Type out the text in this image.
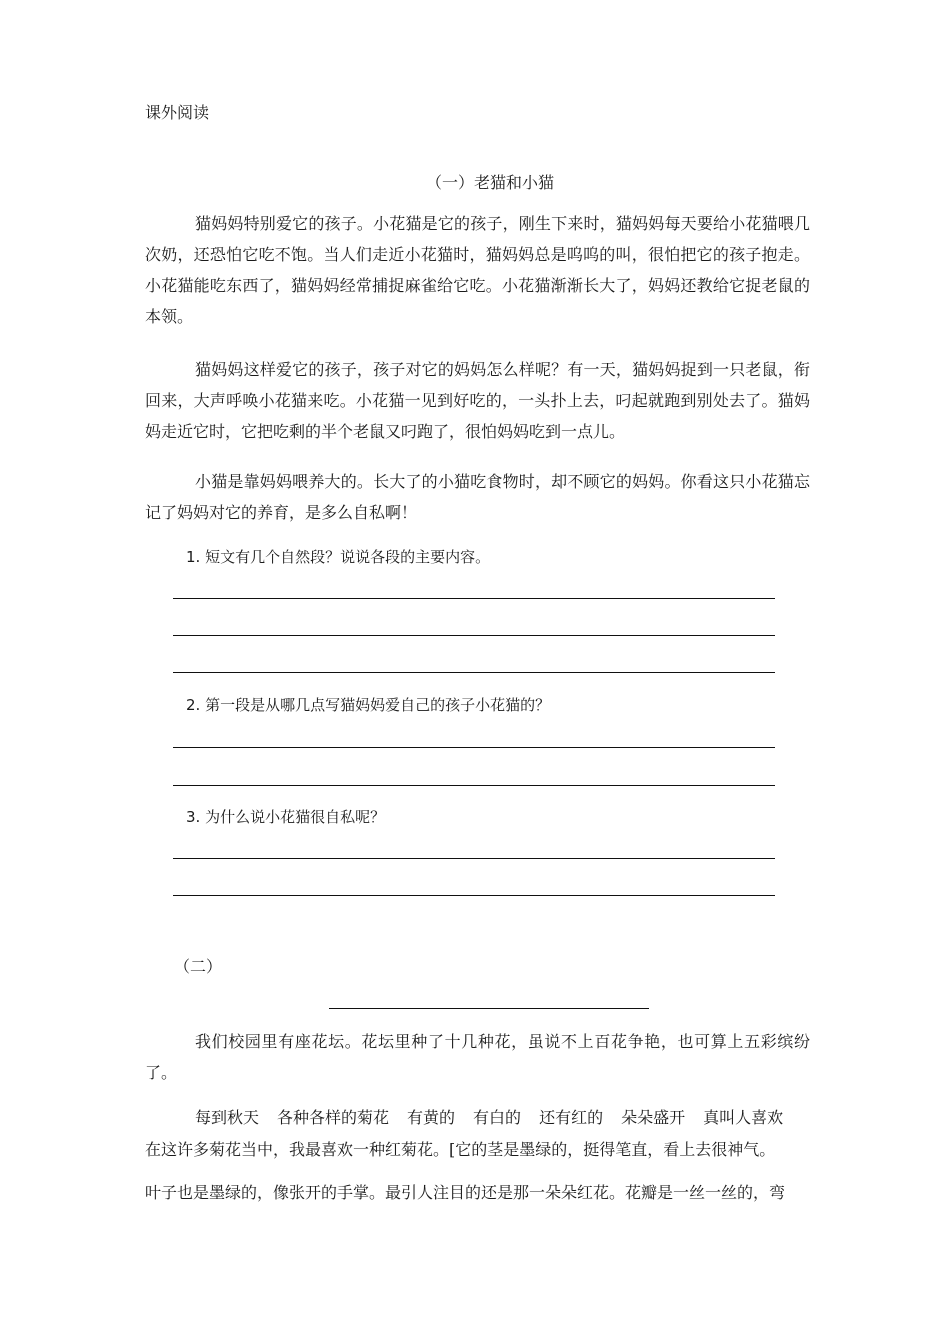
课外阅读

（一）老猫和小猫

猫妈妈特别爱它的孩子。小花猫是它的孩子，刚生下来时，猫妈妈每天要给小花猫喂几次奶，还恐怕它吃不饱。当人们走近小花猫时，猫妈妈总是呜呜的叫，很怕把它的孩子抱走。小花猫能吃东西了，猫妈妈经常捕捉麻雀给它吃。小花猫渐渐长大了，妈妈还教给它捉老鼠的本领。

猫妈妈这样爱它的孩子，孩子对它的妈妈怎么样呢？有一天，猫妈妈捉到一只老鼠，衔回来，大声呼唤小花猫来吃。小花猫一见到好吃的，一头扑上去，叼起就跑到别处去了。猫妈妈走近它时，它把吃剩的半个老鼠又叼跑了，很怕妈妈吃到一点儿。

小猫是靠妈妈喂养大的。长大了的小猫吃食物时，却不顾它的妈妈。你看这只小花猫忘记了妈妈对它的养育，是多么自私啊！

1. 短文有几个自然段？说说各段的主要内容。

2. 第一段是从哪几点写猫妈妈爱自己的孩子小花猫的？

3. 为什么说小花猫很自私呢？

（二）

我们校园里有座花坛。花坛里种了十几种花，虽说不上百花争艳，也可算上五彩缤纷了。

每到秋天 各种各样的菊花 有黄的 有白的 还有红的 朵朵盛开 真叫人喜欢

在这许多菊花当中，我最喜欢一种红菊花。[它的茎是墨绿的，挺得笔直，看上去很神气。

叶子也是墨绿的，像张开的手掌。最引人注目的还是那一朵朵红花。花瓣是一丝一丝的，弯
